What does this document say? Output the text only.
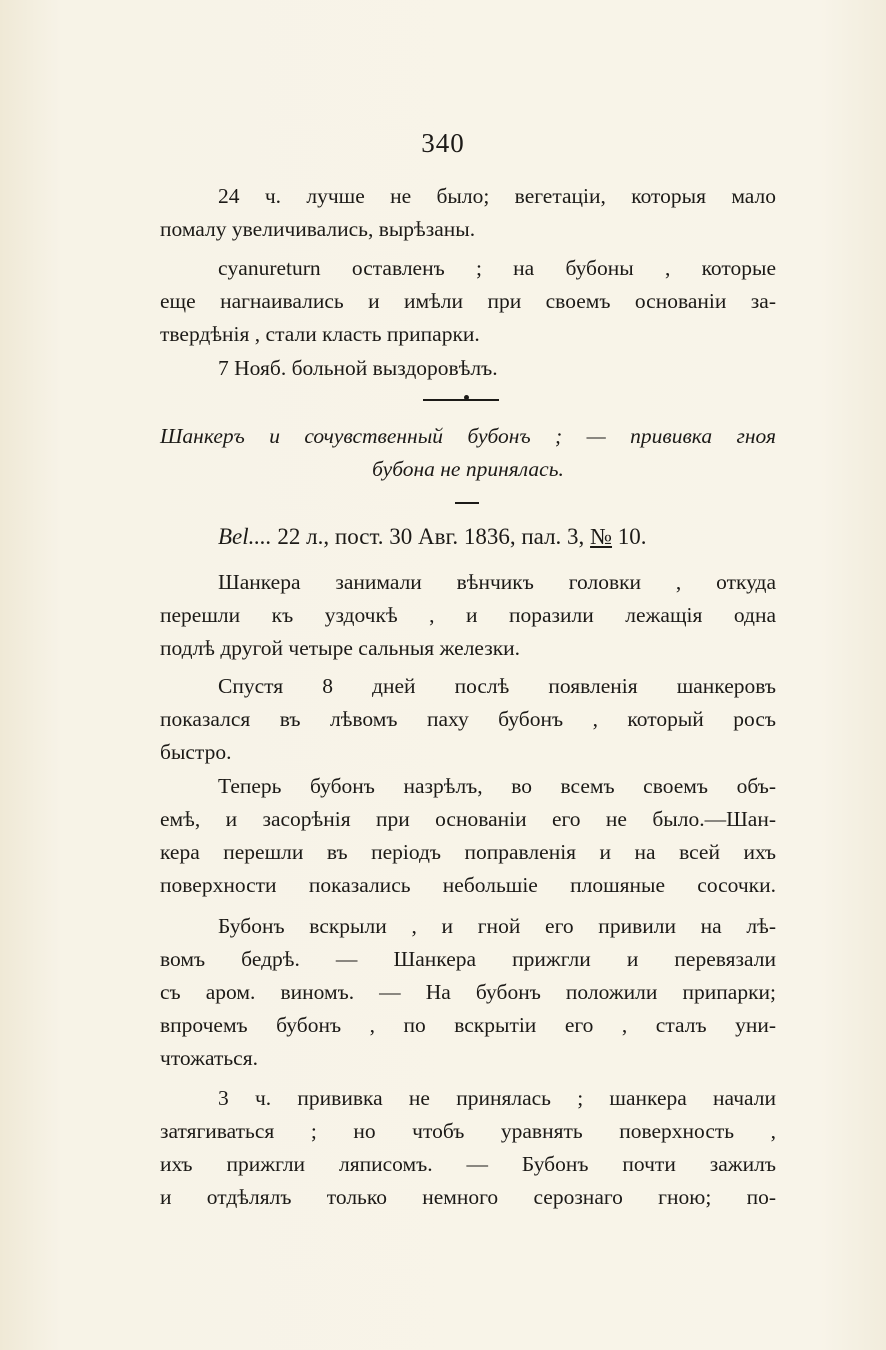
340
24 ч. лучше не было; вегетаціи, которыя мало
помалу увеличивались, вырѣзаны.
cyanureturn оставленъ ; на бубоны , которые
еще нагнаивались и имѣли при своемъ основаніи за-
твердѣнія , стали класть припарки.
7 Нояб. больной выздоровѣлъ.
Шанкеръ и сочувственный бубонъ ; — прививка гноя
бубона не принялась.
Bel.... 22 л., пост. 30 Авг. 1836, пал. 3, № 10.
Шанкера занимали вѣнчикъ головки , откуда
перешли къ уздочкѣ , и поразили лежащія одна
подлѣ другой четыре сальныя железки.
Спустя 8 дней послѣ появленія шанкеровъ
показался въ лѣвомъ паху бубонъ , который росъ
быстро.
Теперь бубонъ назрѣлъ, во всемъ своемъ объ-
емѣ, и засорѣнія при основаніи его не было.—Шан-
кера перешли въ періодъ поправленія и на всей ихъ
поверхности показались небольшіе плошяные сосочки.
Бубонъ вскрыли , и гной его привили на лѣ-
вомъ бедрѣ. — Шанкера прижгли и перевязали
съ аром. виномъ. — На бубонъ положили припарки;
впрочемъ бубонъ , по вскрытіи его , сталъ уни-
чтожаться.
3 ч. прививка не принялась ; шанкера начали
затягиваться ; но чтобъ уравнять поверхность ,
ихъ прижгли ляписомъ. — Бубонъ почти зажилъ
и отдѣлялъ только немного серознаго гною; по-
